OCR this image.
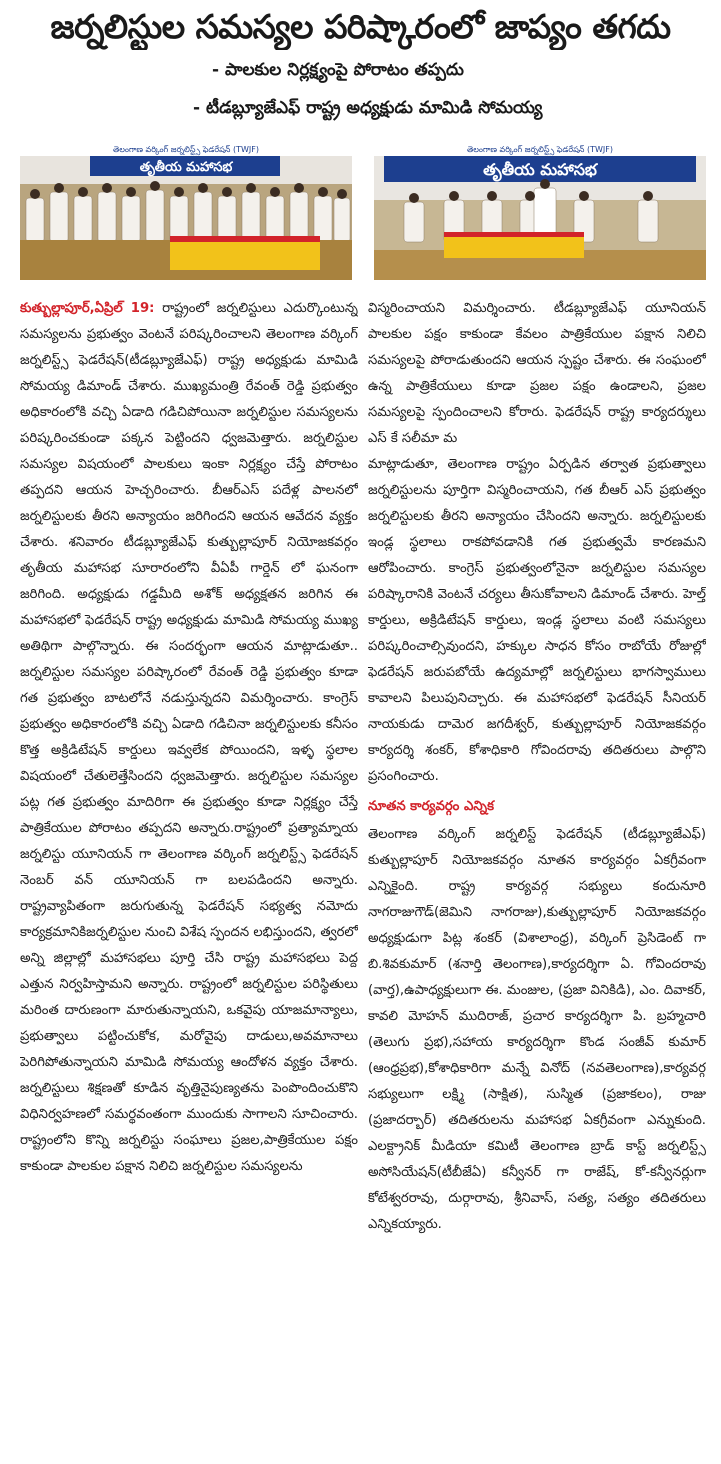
జర్నలిస్టుల సమస్యల పరిష్కారంలో జాప్యం తగదు
- పాలకుల నిర్లక్ష్యంపై పోరాటం తప్పదు
- టీడబ్ల్యూజేఎఫ్ రాష్ట్ర అధ్యక్షుడు మామిడి సోమయ్య
తెలంగాణ వర్కింగ్ జర్నలిస్ట్స్ ఫెడరేషన్ (TWJF)
తృతీయ మహాసభ
తెలంగాణ వర్కింగ్ జర్నలిస్ట్స్ ఫెడరేషన్ (TWJF)
తృతీయ మహాసభ

కుత్బుల్లాపూర్,ఏప్రిల్ 19: రాష్ట్రంలో జర్నలిస్టులు ఎదుర్కొంటున్న సమస్యలను ప్రభుత్వం వెంటనే పరిష్కరించాలని తెలంగాణ వర్కింగ్ జర్నలిస్ట్స్ ఫెడరేషన్(టీడబ్ల్యూజేఎఫ్) రాష్ట్ర అధ్యక్షుడు మామిడి సోమయ్య డిమాండ్ చేశారు. ముఖ్యమంత్రి రేవంత్ రెడ్డి ప్రభుత్వం అధికారంలోకి వచ్చి ఏడాది గడిచిపోయినా జర్నలిస్టుల సమస్యలను పరిష్కరించకుండా పక్కన పెట్టిందని ధ్వజమెత్తారు. జర్నలిస్టుల సమస్యల విషయంలో పాలకులు ఇంకా నిర్లక్ష్యం చేస్తే పోరాటం తప్పదని ఆయన హెచ్చరించారు. బీఆర్ఎస్ పదేళ్ల పాలనలో జర్నలిస్టులకు తీరని అన్యాయం జరిగిందని ఆయన ఆవేదన వ్యక్తం చేశారు. శనివారం టీడబ్ల్యూజేఎఫ్ కుత్బుల్లాపూర్ నియోజకవర్గం తృతీయ మహాసభ సూరారంలోని వీఏపీ గార్డెన్ లో ఘనంగా జరిగింది. అధ్యక్షుడు గడ్డమీది అశోక్ అధ్యక్షతన జరిగిన ఈ మహాసభలో ఫెడరేషన్ రాష్ట్ర అధ్యక్షుడు మామిడి సోమయ్య ముఖ్య అతిథిగా పాల్గొన్నారు. ఈ సందర్భంగా ఆయన మాట్లాడుతూ.. జర్నలిస్టుల సమస్యల పరిష్కారంలో రేవంత్ రెడ్డి ప్రభుత్వం కూడా గత ప్రభుత్వం బాటలోనే నడుస్తున్నదని విమర్శించారు. కాంగ్రెస్ ప్రభుత్వం అధికారంలోకి వచ్చి ఏడాది గడిచినా జర్నలిస్టులకు కనీసం కొత్త అక్రిడిటేషన్ కార్డులు ఇవ్వలేక పోయిందని, ఇళ్ళ స్థలాల విషయంలో చేతులెత్తేసిందని ధ్వజమెత్తారు. జర్నలిస్టుల సమస్యల పట్ల గత ప్రభుత్వం మాదిరిగా ఈ ప్రభుత్వం కూడా నిర్లక్ష్యం చేస్తే పాత్రికేయుల పోరాటం తప్పదని అన్నారు.రాష్ట్రంలో ప్రత్యామ్నాయ జర్నలిస్టు యూనియన్ గా తెలంగాణ వర్కింగ్ జర్నలిస్ట్స్ ఫెడరేషన్ నెంబర్ వన్ యూనియన్ గా బలపడిందని అన్నారు. రాష్ట్రవ్యాపితంగా జరుగుతున్న ఫెడరేషన్ సభ్యత్వ నమోదు కార్యక్రమానికిజర్నలిస్టుల నుంచి విశేష స్పందన లభిస్తుందని, త్వరలో అన్ని జిల్లాల్లో మహాసభలు పూర్తి చేసి రాష్ట్ర మహాసభలు పెద్ద ఎత్తున నిర్వహిస్తామని అన్నారు. రాష్ట్రంలో జర్నలిస్టుల పరిస్థితులు మరింత దారుణంగా మారుతున్నాయని, ఒకవైపు యాజమాన్యాలు, ప్రభుత్వాలు పట్టించుకోక, మరోవైపు దాడులు,అవమానాలు పెరిగిపోతున్నాయని మామిడి సోమయ్య ఆందోళన వ్యక్తం చేశారు. జర్నలిస్టులు శిక్షణతో కూడిన వృత్తినైపుణ్యతను పెంపొందించుకొని విధినిర్వహణలో సమర్థవంతంగా ముందుకు సాగాలని సూచించారు. రాష్ట్రంలోని కొన్ని జర్నలిస్టు సంఘాలు ప్రజల,పాత్రికేయుల పక్షం కాకుండా పాలకుల పక్షాన నిలిచి జర్నలిస్టుల సమస్యలను

విస్మరించాయని విమర్శించారు. టీడబ్ల్యూజేఎఫ్ యూనియన్ పాలకుల పక్షం కాకుండా కేవలం పాత్రికేయుల పక్షాన నిలిచి సమస్యలపై పోరాడుతుందని ఆయన స్పష్టం చేశారు. ఈ సంఘంలో ఉన్న పాత్రికేయులు కూడా ప్రజల పక్షం ఉండాలని, ప్రజల సమస్యలపై స్పందించాలని కోరారు. ఫెడరేషన్ రాష్ట్ర కార్యదర్శులు ఎస్ కే సలీమా మ

మాట్లాడుతూ, తెలంగాణ రాష్ట్రం ఏర్పడిన తర్వాత ప్రభుత్వాలు జర్నలిస్టులను పూర్తిగా విస్మరించాయని, గత బీఆర్ ఎస్ ప్రభుత్వం జర్నలిస్టులకు తీరని అన్యాయం చేసిందని అన్నారు. జర్నలిస్టులకు ఇండ్ల స్థలాలు రాకపోవడానికి గత ప్రభుత్వమే కారణమని ఆరోపించారు. కాంగ్రెస్ ప్రభుత్వంలోనైనా జర్నలిస్టుల సమస్యల పరిష్కారానికి వెంటనే చర్యలు తీసుకోవాలని డిమాండ్ చేశారు. హెల్త్ కార్డులు, అక్రిడిటేషన్ కార్డులు, ఇండ్ల స్థలాలు వంటి సమస్యలు పరిష్కరించాల్సివుందని, హక్కుల సాధన కోసం రాబోయే రోజుల్లో ఫెడరేషన్ జరుపబోయే ఉద్యమాల్లో జర్నలిస్టులు భాగస్వాములు కావాలని పిలుపునిచ్చారు. ఈ మహాసభలో ఫెడరేషన్ సీనియర్ నాయకుడు దామెర జగదీశ్వర్, కుత్బుల్లాపూర్ నియోజకవర్గం కార్యదర్శి శంకర్, కోశాధికారి గోవిందరావు తదితరులు పాల్గొని ప్రసంగించారు.

నూతన కార్యవర్గం ఎన్నిక

తెలంగాణ వర్కింగ్ జర్నలిస్ట్ ఫెడరేషన్ (టీడబ్ల్యూజేఎఫ్) కుత్బుల్లాపూర్ నియోజకవర్గం నూతన కార్యవర్గం ఏకగ్రీవంగా ఎన్నికైంది. రాష్ట్ర కార్యవర్గ సభ్యులు కందునూరి నాగరాజుగౌడ్(జెమిని నాగరాజు),కుత్బుల్లాపూర్ నియోజకవర్గం అధ్యక్షుడుగా పిట్ల శంకర్ (విశాలాంధ్ర), వర్కింగ్ ప్రెసిడెంట్ గా బి.శివకుమార్ (శనార్తి తెలంగాణ),కార్యదర్శిగా ఏ. గోవిందరావు (వార్త),ఉపాధ్యక్షులుగా ఈ. మంజుల, (ప్రజా వినికిడి), ఎం. దివాకర్, కావలి మోహన్ ముదిరాజ్, ప్రచార కార్యదర్శిగా పి. బ్రహ్మచారి (తెలుగు ప్రభ),సహాయ కార్యదర్శిగా కొండ సంజీవ్ కుమార్ (ఆంధ్రప్రభ),కోశాధికారిగా మన్నే వినోద్ (నవతెలంగాణ),కార్యవర్గ సభ్యులుగా లక్ష్మి (సాక్షిత), సుస్మిత (ప్రజాకలం), రాజు (ప్రజాదర్బార్) తదితరులను మహాసభ ఏకగ్రీవంగా ఎన్నుకుంది. ఎలక్ట్రానిక్ మీడియా కమిటీ తెలంగాణ బ్రాడ్ కాస్ట్ జర్నలిస్ట్స్ అసోసియేషన్(టీబీజేఏ) కన్వీనర్ గా రాజేష్, కో-కన్వీనర్లుగా కోటేశ్వరరావు, దుర్గారావు, శ్రీనివాస్, సత్య, సత్యం తదితరులు ఎన్నికయ్యారు.
